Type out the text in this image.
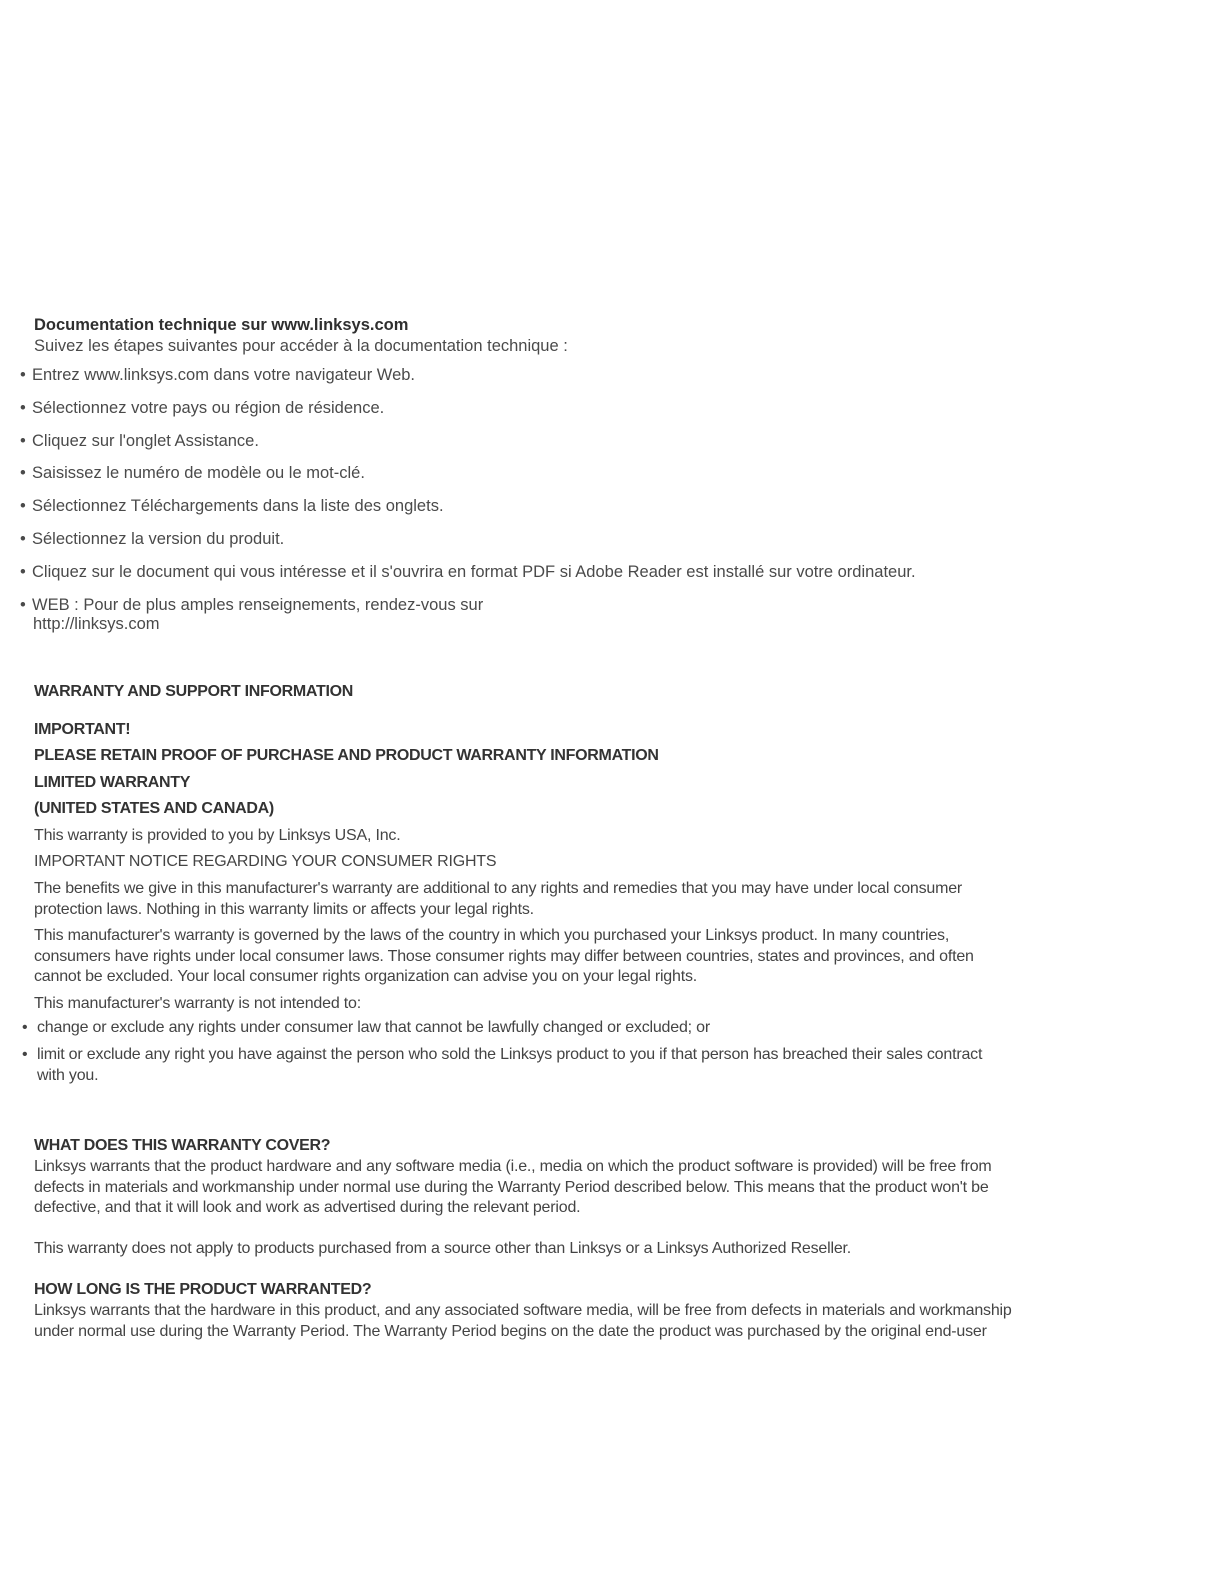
Documentation technique sur www.linksys.com
Suivez les étapes suivantes pour accéder à la documentation technique :
• Entrez www.linksys.com dans votre navigateur Web.
• Sélectionnez votre pays ou région de résidence.
• Cliquez sur l'onglet Assistance.
• Saisissez le numéro de modèle ou le mot-clé.
• Sélectionnez Téléchargements dans la liste des onglets.
• Sélectionnez la version du produit.
• Cliquez sur le document qui vous intéresse et il s'ouvrira en format PDF si Adobe Reader est installé sur votre ordinateur.
• WEB : Pour de plus amples renseignements, rendez-vous sur
http://linksys.com
WARRANTY AND SUPPORT INFORMATION
IMPORTANT!
PLEASE RETAIN PROOF OF PURCHASE AND PRODUCT WARRANTY INFORMATION
LIMITED WARRANTY
(UNITED STATES AND CANADA)
This warranty is provided to you by Linksys USA, Inc.
IMPORTANT NOTICE REGARDING YOUR CONSUMER RIGHTS
The benefits we give in this manufacturer's warranty are additional to any rights and remedies that you may have under local consumer
protection laws. Nothing in this warranty limits or affects your legal rights.
This manufacturer's warranty is governed by the laws of the country in which you purchased your Linksys product. In many countries,
consumers have rights under local consumer laws. Those consumer rights may differ between countries, states and provinces, and often
cannot be excluded. Your local consumer rights organization can advise you on your legal rights.
This manufacturer's warranty is not intended to:
• change or exclude any rights under consumer law that cannot be lawfully changed or excluded; or
• limit or exclude any right you have against the person who sold the Linksys product to you if that person has breached their sales contract
with you.
WHAT DOES THIS WARRANTY COVER?
Linksys warrants that the product hardware and any software media (i.e., media on which the product software is provided) will be free from
defects in materials and workmanship under normal use during the Warranty Period described below. This means that the product won't be
defective, and that it will look and work as advertised during the relevant period.
This warranty does not apply to products purchased from a source other than Linksys or a Linksys Authorized Reseller.
HOW LONG IS THE PRODUCT WARRANTED?
Linksys warrants that the hardware in this product, and any associated software media, will be free from defects in materials and workmanship
under normal use during the Warranty Period. The Warranty Period begins on the date the product was purchased by the original end-user
